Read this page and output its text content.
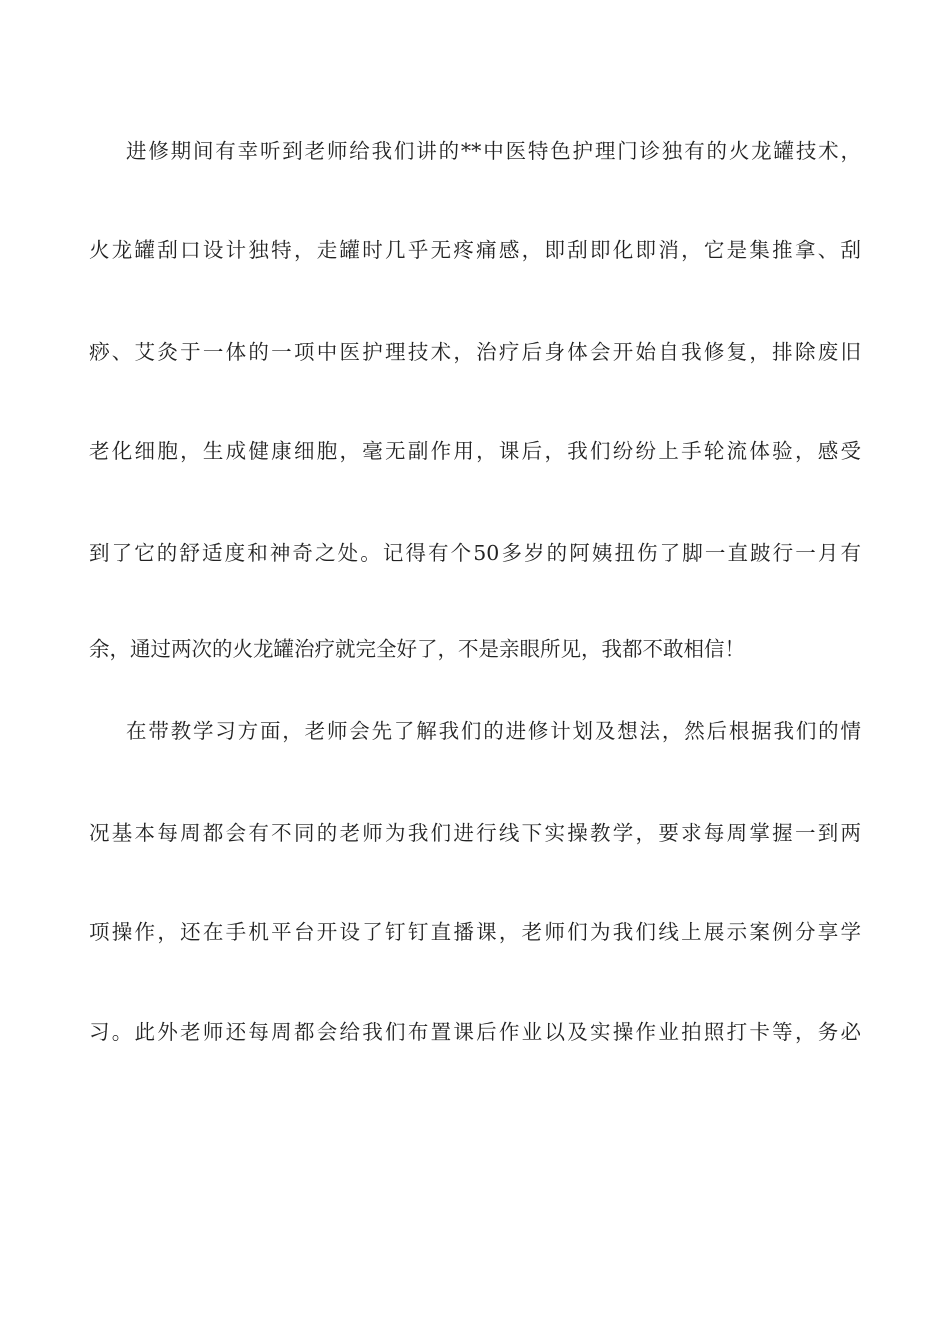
进修期间有幸听到老师给我们讲的**中医特色护理门诊独有的火龙罐技术，
火龙罐刮口设计独特，走罐时几乎无疼痛感，即刮即化即消，它是集推拿、刮
痧、艾灸于一体的一项中医护理技术，治疗后身体会开始自我修复，排除废旧
老化细胞，生成健康细胞，毫无副作用，课后，我们纷纷上手轮流体验，感受
到了它的舒适度和神奇之处。记得有个50多岁的阿姨扭伤了脚一直跛行一月有
余，通过两次的火龙罐治疗就完全好了，不是亲眼所见，我都不敢相信！
在带教学习方面，老师会先了解我们的进修计划及想法，然后根据我们的情
况基本每周都会有不同的老师为我们进行线下实操教学，要求每周掌握一到两
项操作，还在手机平台开设了钉钉直播课，老师们为我们线上展示案例分享学
习。此外老师还每周都会给我们布置课后作业以及实操作业拍照打卡等，务必
